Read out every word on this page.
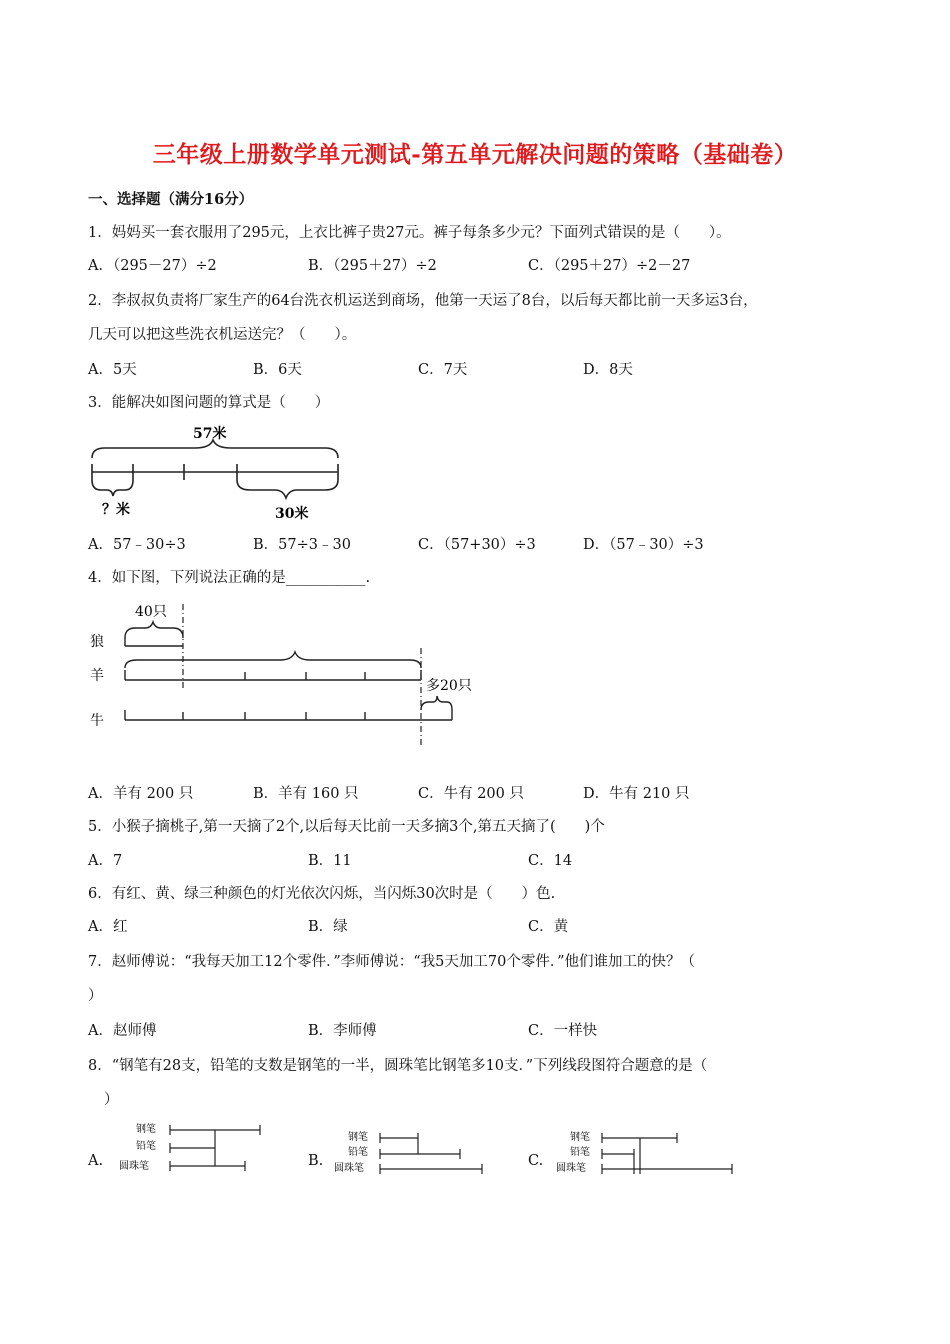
三年级上册数学单元测试-第五单元解决问题的策略（基础卷）
一、选择题（满分16分）
1．妈妈买一套衣服用了295元，上衣比裤子贵27元。裤子每条多少元？下面列式错误的是（　　）。
A．（295－27）÷2	B．（295＋27）÷2	C．（295＋27）÷2－27
2．李叔叔负责将厂家生产的64台洗衣机运送到商场，他第一天运了8台，以后每天都比前一天多运3台，
几天可以把这些洗衣机运送完？（　　）。
A．5天	B．6天	C．7天	D．8天
3．能解决如图问题的算式是（　　）
57米
？米	30米
A．57﹣30÷3	B．57÷3﹣30	C．（57+30）÷3	D．（57﹣30）÷3
4．如下图，下列说法正确的是___________.
40只
狼
羊
多20只
牛
A．羊有 200 只	B．羊有 160 只	C．牛有 200 只	D．牛有 210 只
5．小猴子摘桃子,第一天摘了2个,以后每天比前一天多摘3个,第五天摘了(　　)个
A．7	B．11	C．14
6．有红、黄、绿三种颜色的灯光依次闪烁，当闪烁30次时是（　　）色.
A．红	B．绿	C．黄
7．赵师傅说：“我每天加工12个零件．”李师傅说：“我5天加工70个零件．”他们谁加工的快？（
）
A．赵师傅	B．李师傅	C．一样快
8．“钢笔有28支，铅笔的支数是钢笔的一半，圆珠笔比钢笔多10支．”下列线段图符合题意的是（
）
A.
钢笔
铅笔
圆珠笔	B.
钢笔
铅笔
圆珠笔	C.
钢笔
铅笔
圆珠笔
